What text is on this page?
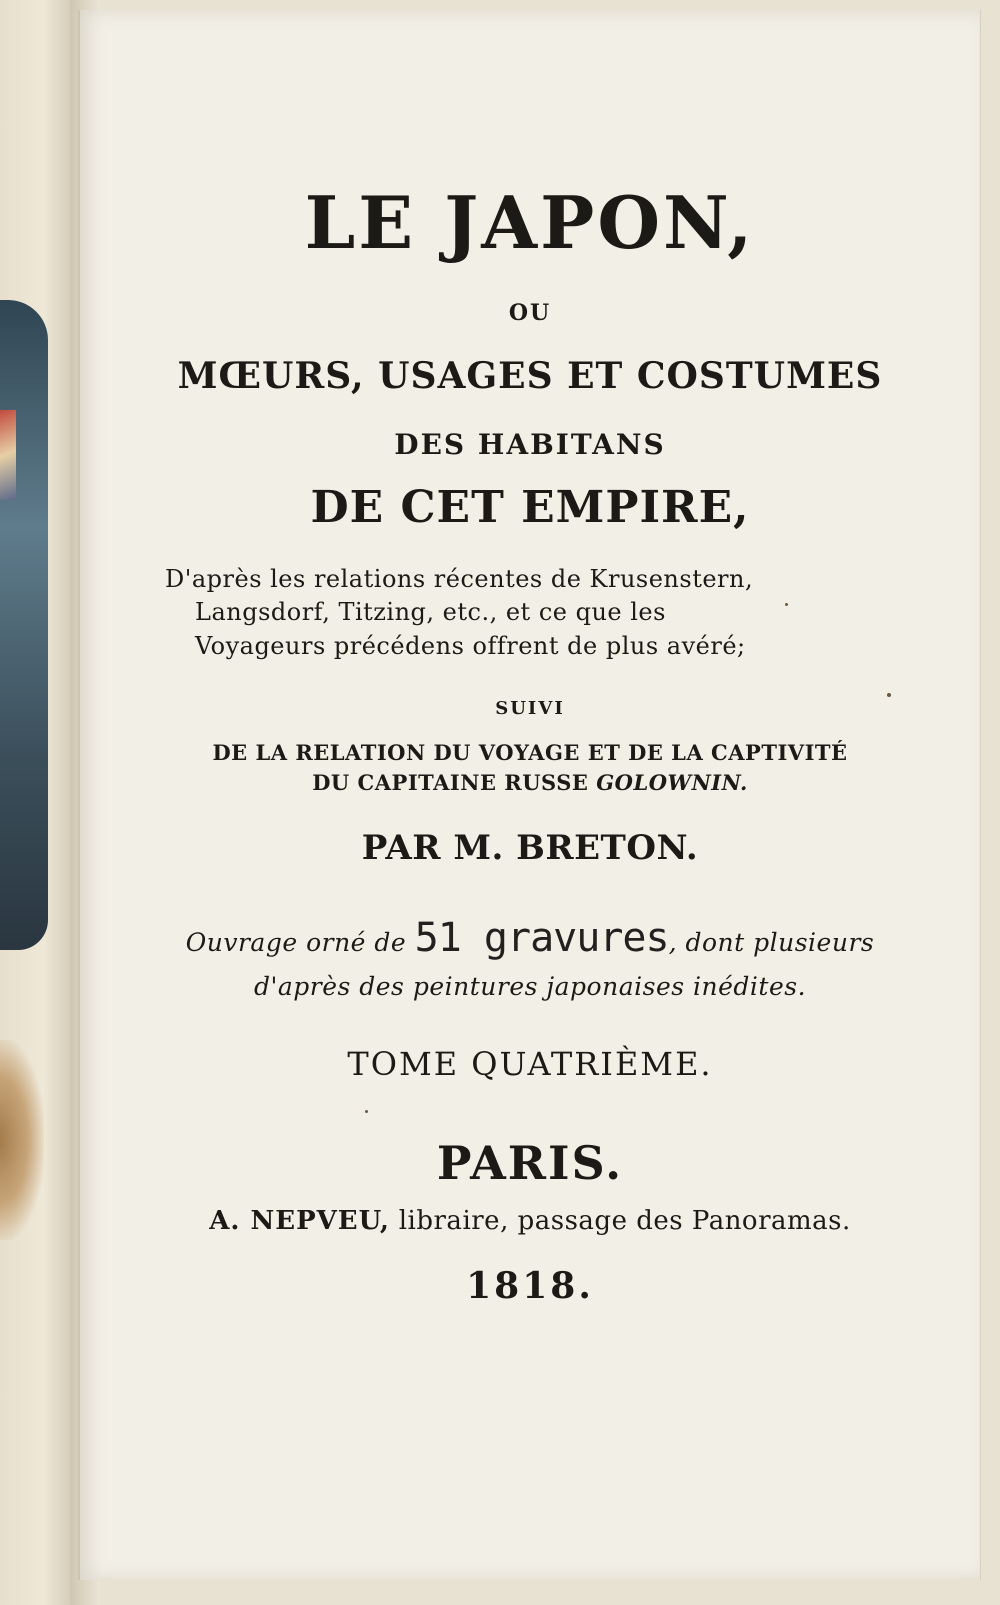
LE JAPON,
OU
MŒURS, USAGES ET COSTUMES
DES HABITANS
DE CET EMPIRE,
D'après les relations récentes de Krusenstern,
Langsdorf, Titzing, etc., et ce que les
Voyageurs précédens offrent de plus avéré;
SUIVI
DE LA RELATION DU VOYAGE ET DE LA CAPTIVITÉ
DU CAPITAINE RUSSE GOLOWNIN.
PAR M. BRETON.
Ouvrage orné de 51 gravures, dont plusieurs
d'après des peintures japonaises inédites.
TOME QUATRIÈME.
PARIS.
A. NEPVEU, libraire, passage des Panoramas.
1818.
